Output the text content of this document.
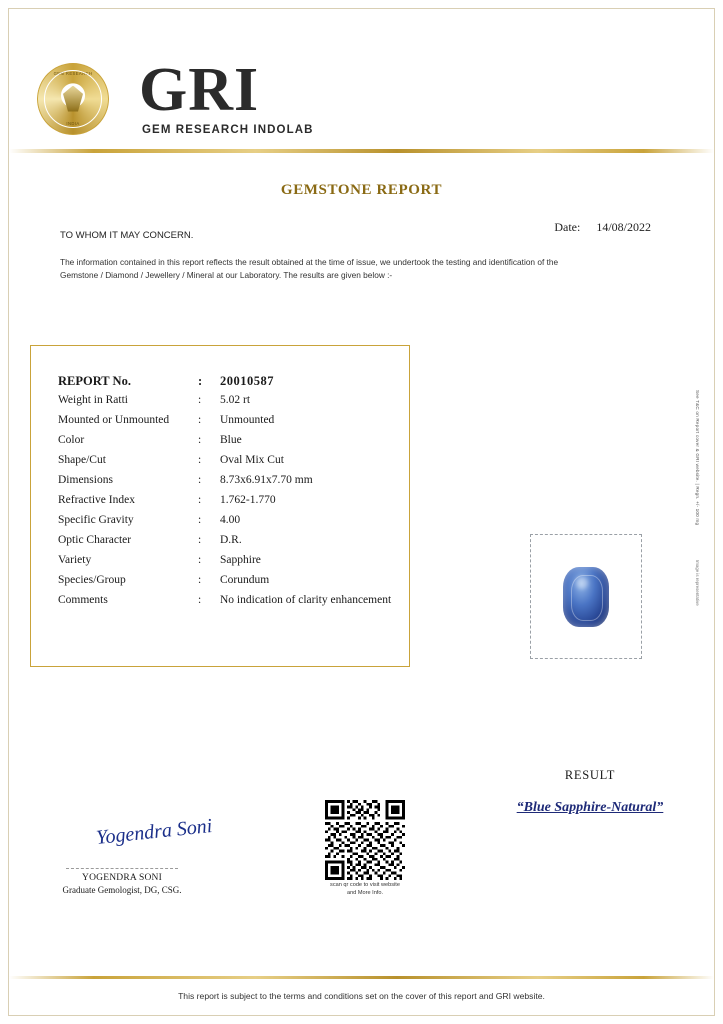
GEM RESEARCH
INDIA GRI
GEM RESEARCH INDOLAB
GEMSTONE REPORT
Date: 14/08/2022
TO WHOM IT MAY CONCERN.
The information contained in this report reflects the result obtained at the time of issue, we undertook the testing and identification of the Gemstone / Diamond / Jewellery / Mineral at our Laboratory. The results are given below :-
REPORT No.	:	20010587
Weight in Ratti	:	5.02 rt
Mounted or Unmounted	:	Unmounted
Color	:	Blue
Shape/Cut	:	Oval Mix Cut
Dimensions	:	8.73x6.91x7.70 mm
Refractive Index	:	1.762-1.770
Specific Gravity	:	4.00
Optic Character	:	D.R.
Variety	:	Sapphire
Species/Group	:	Corundum
Comments	:	No indication of clarity enhancement
See T&C on Report cover & GRI website. | Regn. +/- 100 mg
Image is representative
RESULT
“Blue Sapphire-Natural”
scan qr code to visit website
and More Info.
Yogendra Soni
YOGENDRA SONI
Graduate Gemologist, DG, CSG.
This report is subject to the terms and conditions set on the cover of this report and GRI website.
